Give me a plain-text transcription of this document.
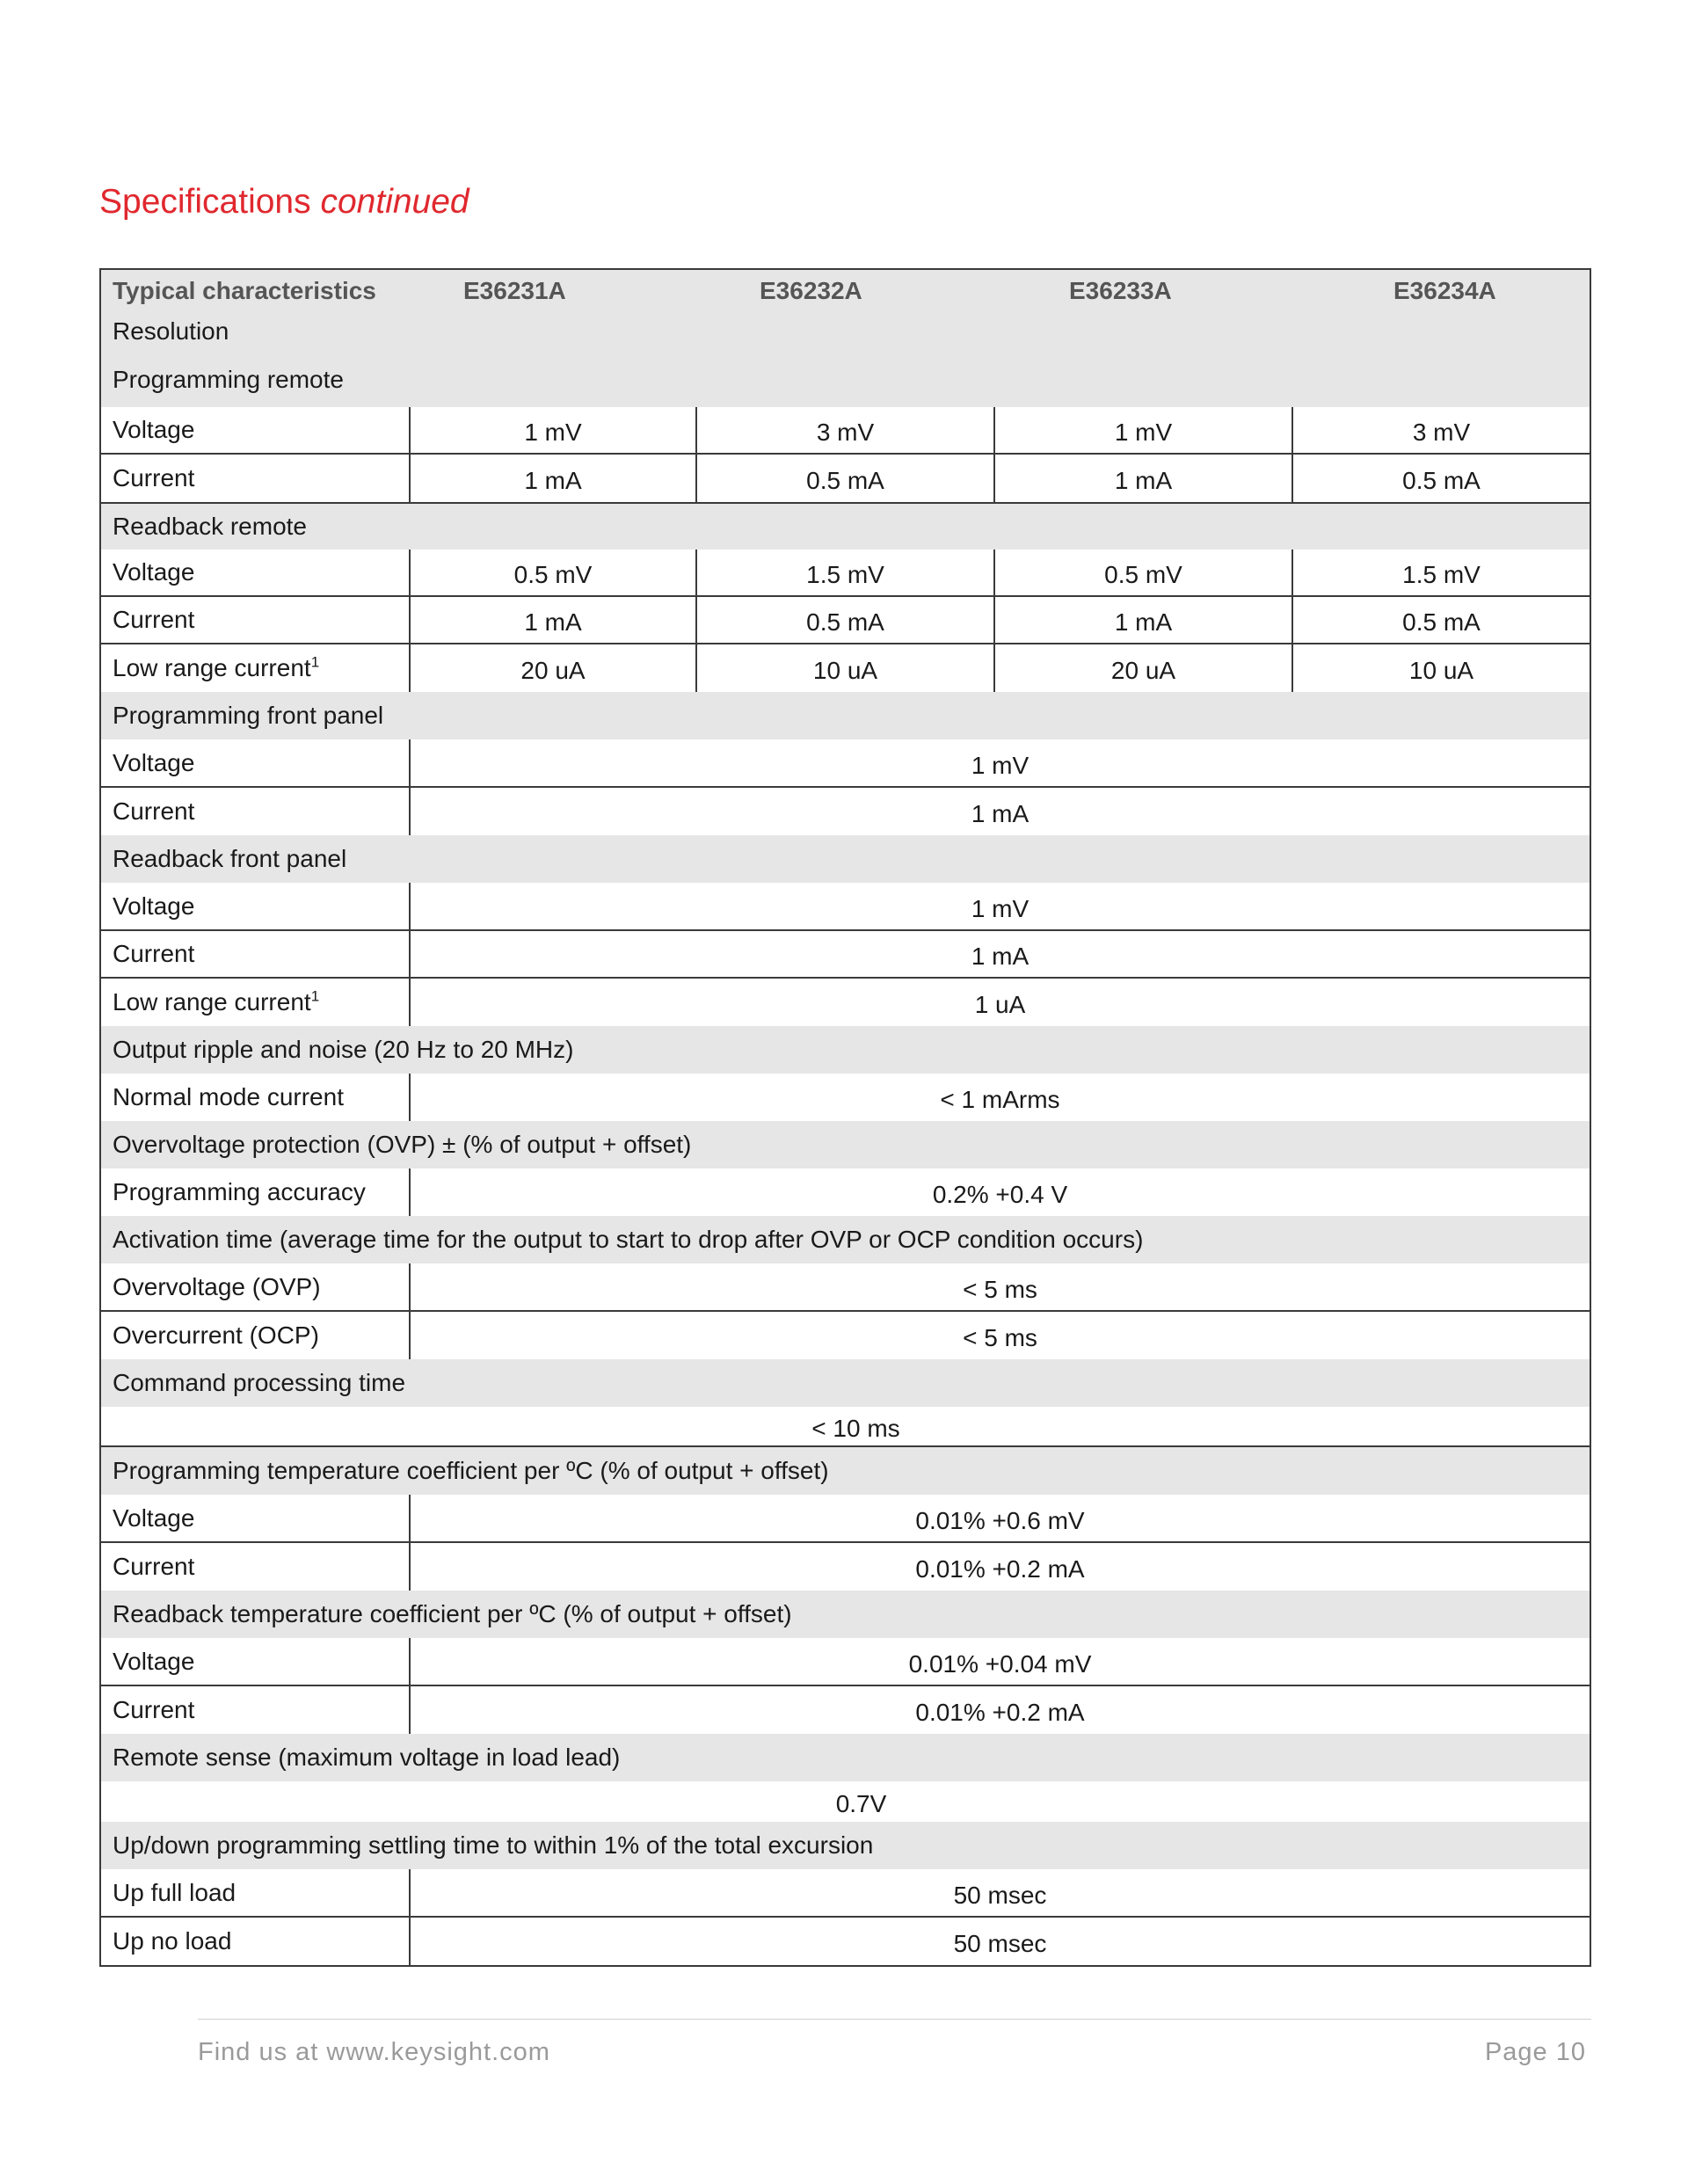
Specifications continued
Typical characteristics	E36231A	E36232A	E36233A	E36234A
Resolution
Programming remote
Voltage	1 mV	3 mV	1 mV	3 mV
Current	1 mA	0.5 mA	1 mA	0.5 mA
Readback remote
Voltage	0.5 mV	1.5 mV	0.5 mV	1.5 mV
Current	1 mA	0.5 mA	1 mA	0.5 mA
Low range current$^1$	20 uA	10 uA	20 uA	10 uA
Programming front panel
Voltage	1 mV
Current	1 mA
Readback front panel
Voltage	1 mV
Current	1 mA
Low range current$^1$	1 uA
Output ripple and noise (20 Hz to 20 MHz)
Normal mode current	< 1 mArms
Overvoltage protection (OVP) ± (% of output + offset)
Programming accuracy	0.2% +0.4 V
Activation time (average time for the output to start to drop after OVP or OCP condition occurs)
Overvoltage (OVP)	< 5 ms
Overcurrent (OCP)	< 5 ms
Command processing time
< 10 ms
Programming temperature coefficient per ºC (% of output + offset)
Voltage	0.01% +0.6 mV
Current	0.01% +0.2 mA
Readback temperature coefficient per ºC (% of output + offset)
Voltage	0.01% +0.04 mV
Current	0.01% +0.2 mA
Remote sense (maximum voltage in load lead)
0.7V
Up/down programming settling time to within 1% of the total excursion
Up full load	50 msec
Up no load	50 msec
Find us at www.keysight.com	Page 10
